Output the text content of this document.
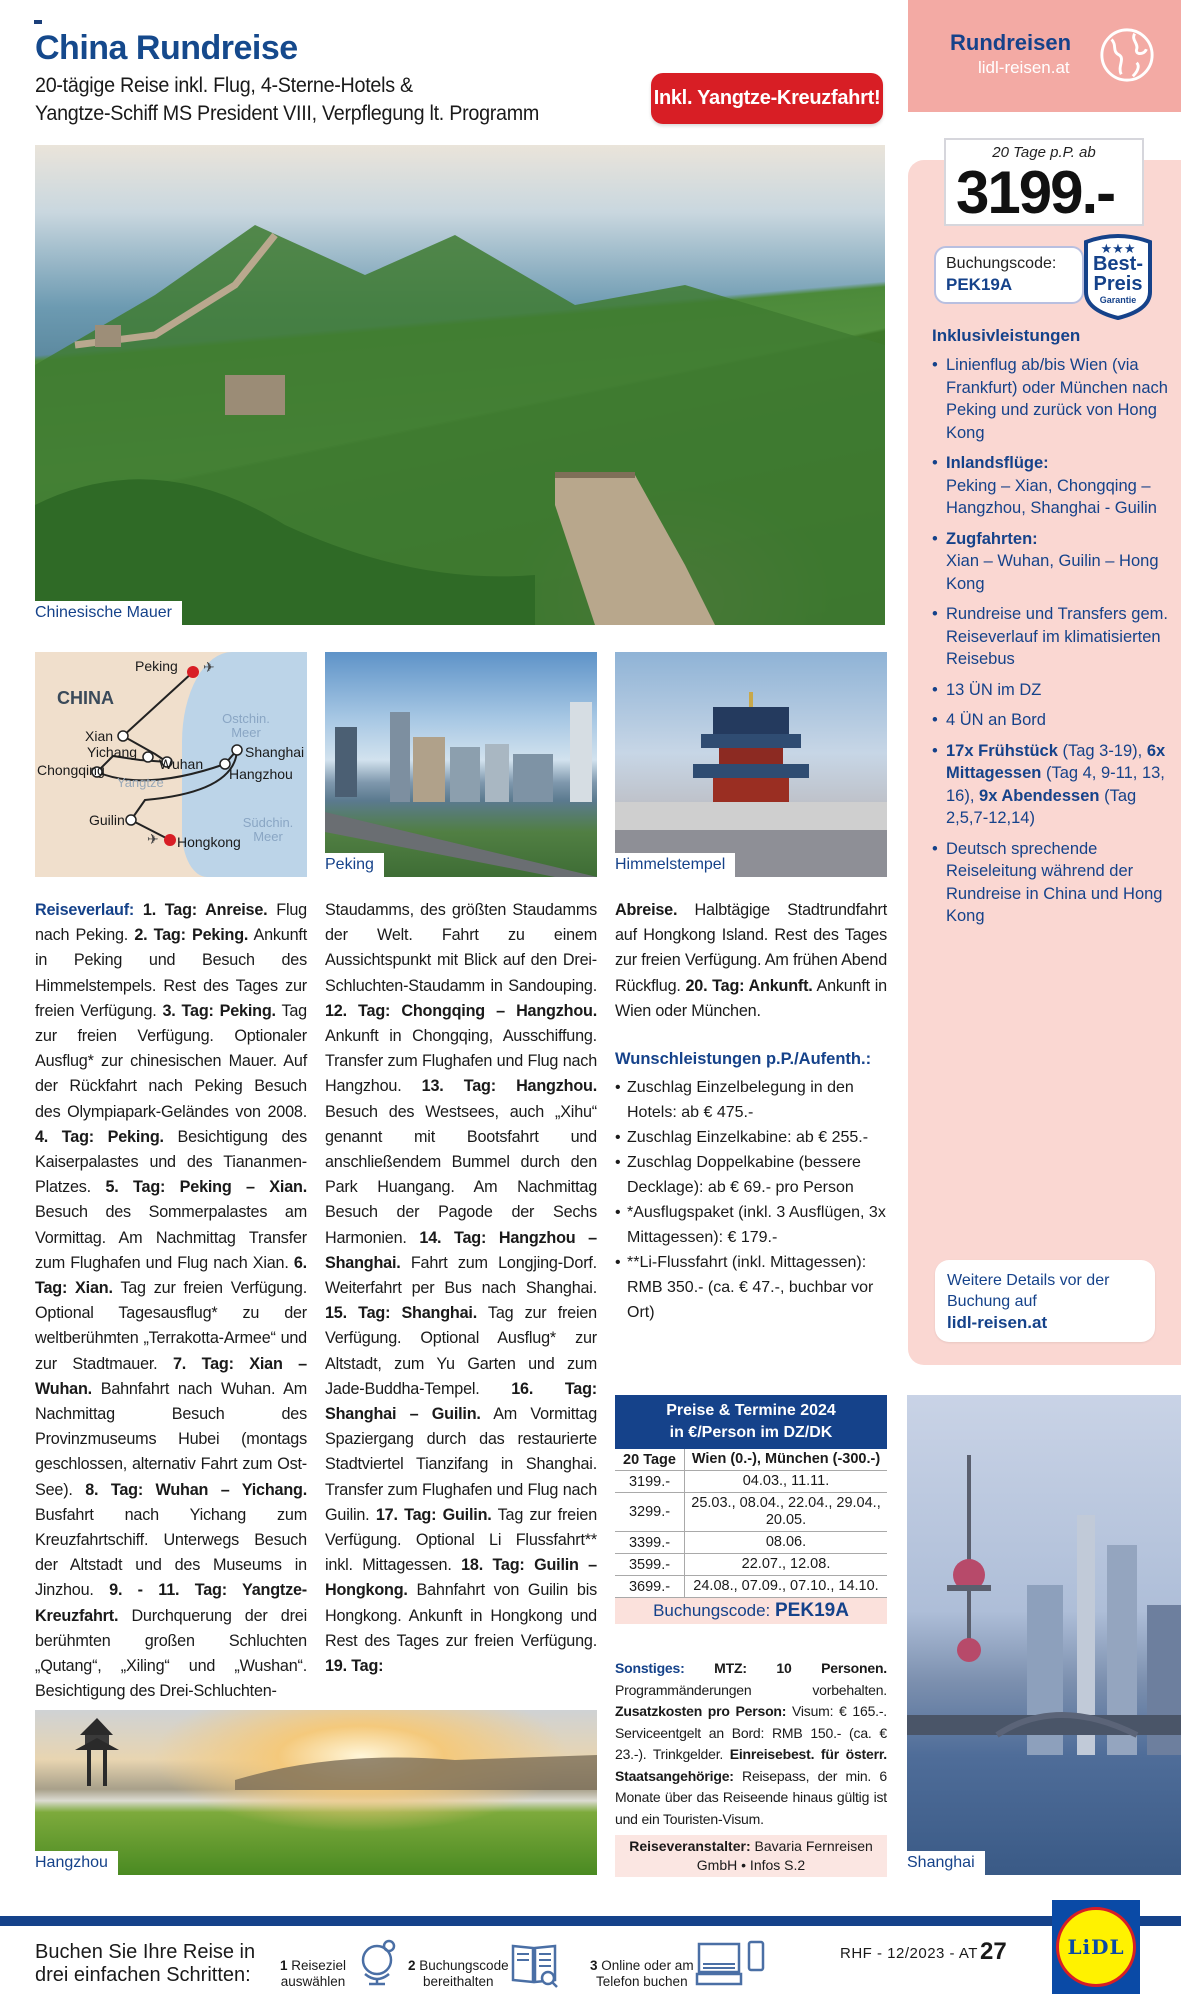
China Rundreise
20-tägige Reise inkl. Flug, 4-Sterne-Hotels &
Yangtze-Schiff MS President VIII, Verpflegung lt. Programm
Inkl. Yangtze-Kreuzfahrt!
Rundreisen
lidl-reisen.at
20 Tage p.P. ab
3199.-
Buchungscode:
PEK19A
★★★
Best-
Preis
Garantie
Inklusivleistungen
• Linienflug ab/bis Wien (via Frankfurt) oder München nach Peking und zurück von Hong Kong
• Inlandsflüge:
Peking – Xian, Chongqing – Hangzhou, Shanghai - Guilin
• Zugfahrten:
Xian – Wuhan, Guilin – Hong Kong
• Rundreise und Transfers gem. Reiseverlauf im klimatisierten Reisebus
• 13 ÜN im DZ
• 4 ÜN an Bord
• 17x Frühstück (Tag 3-19), 6x Mittagessen (Tag 4, 9-11, 13, 16), 9x Abendessen (Tag 2,5,7-12,14)
• Deutsch sprechende Reiseleitung während der Rundreise in China und Hong Kong
Weitere Details vor der Buchung auf
lidl-reisen.at
Chinesische Mauer
CHINA
✈
✈
Peking
Xian
Yichang
Wuhan
Chongqing
Shanghai
Hangzhou
Guilin
Hongkong
Yangtze
Ostchin. Meer
Südchin. Meer
Peking	Himmelstempel
Reiseverlauf: 1. Tag: Anreise. Flug nach Peking. 2. Tag: Peking. Ankunft in Peking und Besuch des Himmelstempels. Rest des Tages zur freien Verfügung. 3. Tag: Peking. Tag zur freien Verfügung. Optionaler Ausflug* zur chinesischen Mauer. Auf der Rückfahrt nach Peking Besuch des Olympiapark-Geländes von 2008. 4. Tag: Peking. Besichtigung des Kaiserpalastes und des Tiananmen-Platzes. 5. Tag: Peking – Xian. Besuch des Sommerpalastes am Vormittag. Am Nachmittag Transfer zum Flughafen und Flug nach Xian. 6. Tag: Xian. Tag zur freien Verfügung. Optional Tagesausflug* zu der weltberühmten „Terrakotta-Armee“ und zur Stadtmauer. 7. Tag: Xian – Wuhan. Bahnfahrt nach Wuhan. Am Nachmittag Besuch des Provinzmuseums Hubei (montags geschlossen, alternativ Fahrt zum Ost-See). 8. Tag: Wuhan – Yichang. Busfahrt nach Yichang zum Kreuzfahrtschiff. Unterwegs Besuch der Altstadt und des Museums in Jinzhou. 9. - 11. Tag: Yangtze-Kreuzfahrt. Durchquerung der drei berühmten großen Schluchten „Qutang“, „Xiling“ und „Wushan“. Besichtigung des Drei-Schluchten-
Staudamms, des größten Staudamms der Welt. Fahrt zu einem Aussichtspunkt mit Blick auf den Drei-Schluchten-Staudamm in Sandouping. 12. Tag: Chongqing – Hangzhou. Ankunft in Chongqing, Ausschiffung. Transfer zum Flughafen und Flug nach Hangzhou. 13. Tag: Hangzhou. Besuch des Westsees, auch „Xihu“ genannt mit Bootsfahrt und anschließendem Bummel durch den Park Huangang. Am Nachmittag Besuch der Pagode der Sechs Harmonien. 14. Tag: Hangzhou – Shanghai. Fahrt zum Longjing-Dorf. Weiterfahrt per Bus nach Shanghai. 15. Tag: Shanghai. Tag zur freien Verfügung. Optional Ausflug* zur Altstadt, zum Yu Garten und zum Jade-Buddha-Tempel. 16. Tag: Shanghai – Guilin. Am Vormittag Spaziergang durch das restaurierte Stadtviertel Tianzifang in Shanghai. Transfer zum Flughafen und Flug nach Guilin. 17. Tag: Guilin. Tag zur freien Verfügung. Optional Li Flussfahrt** inkl. Mittagessen. 18. Tag: Guilin – Hongkong. Bahnfahrt von Guilin bis Hongkong. Ankunft in Hongkong und Rest des Tages zur freien Verfügung. 19. Tag:
Abreise. Halbtägige Stadtrundfahrt auf Hongkong Island. Rest des Tages zur freien Verfügung. Am frühen Abend Rückflug. 20. Tag: Ankunft. Ankunft in Wien oder München.
Wunschleistungen p.P./Aufenth.:
• Zuschlag Einzelbelegung in den Hotels: ab € 475.-
• Zuschlag Einzelkabine: ab € 255.-
• Zuschlag Doppelkabine (bessere Decklage): ab € 69.- pro Person
• *Ausflugspaket (inkl. 3 Ausflügen, 3x Mittagessen): € 179.-
• **Li-Flussfahrt (inkl. Mittagessen): RMB 350.- (ca. € 47.-, buchbar vor Ort)
Preise & Termine 2024
in €/Person im DZ/DK
20 Tage	Wien (0.-), München (-300.-)
3199.-	04.03., 11.11.
3299.-
25.03., 08.04., 22.04., 29.04., 20.05.
3399.-	08.06.
3599.-	22.07., 12.08.
3699.-	24.08., 07.09., 07.10., 14.10.
Buchungscode: PEK19A
Sonstiges: MTZ: 10 Personen. Programmänderungen vorbehalten. Zusatzkosten pro Person: Visum: € 165.-. Serviceentgelt an Bord: RMB 150.- (ca. € 23.-). Trinkgelder. Einreisebest. für österr. Staatsangehörige: Reisepass, der min. 6 Monate über das Reiseende hinaus gültig ist und ein Touristen-Visum.
Reiseveranstalter: Bavaria Fernreisen GmbH • Infos S.2
Hangzhou	Shanghai
Buchen Sie Ihre Reise in
drei einfachen Schritten:	1 Reiseziel
auswählen
2 Buchungscode
bereithalten
3 Online oder am
Telefon buchen
RHF - 12/2023 - AT 27	LiDL
